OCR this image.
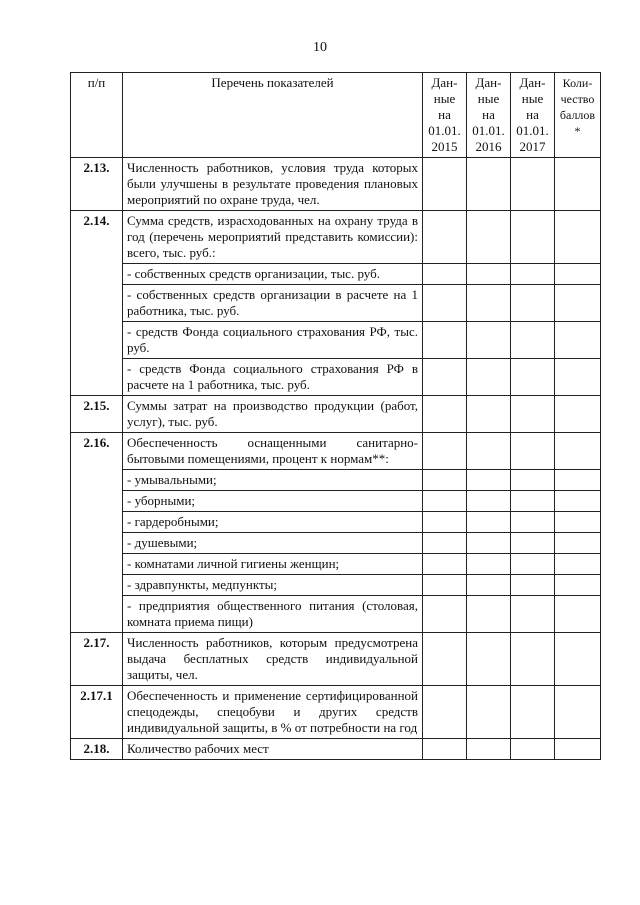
10
п/п	Перечень показателей	Дан-
ные
на
01.01.
2015	Дан-
ные
на
01.01.
2016	Дан-
ные
на
01.01.
2017	Коли-
чество
баллов
*

2.13.	Численность работников, условия труда которых были улучшены в результате проведения плановых мероприятий по охране труда, чел.				
2.14.	Сумма средств, израсходованных на охрану труда в год (перечень мероприятий представить комиссии): всего, тыс. руб.:				
	- собственных средств организации, тыс. руб.				
	- собственных средств организации в расчете на 1 работника, тыс. руб.				
	- средств Фонда социального страхования РФ, тыс. руб.				
	- средств Фонда социального страхования РФ в расчете на 1 работника, тыс. руб.				
2.15.	Суммы затрат на производство продукции (работ, услуг), тыс. руб.				
2.16.	Обеспеченность оснащенными санитарно-бытовыми помещениями, процент к нормам**:				
	- умывальными;				
	- уборными;				
	- гардеробными;				
	- душевыми;				
	- комнатами личной гигиены женщин;				
	- здравпункты, медпункты;				
	- предприятия общественного питания (столовая, комната приема пищи)				
2.17.	Численность работников, которым предусмотрена выдача бесплатных средств индивидуальной защиты, чел.				
2.17.1	Обеспеченность и применение сертифицированной спецодежды, спецобуви и других средств индивидуальной защиты, в % от потребности на год				
2.18.	Количество рабочих мест				
